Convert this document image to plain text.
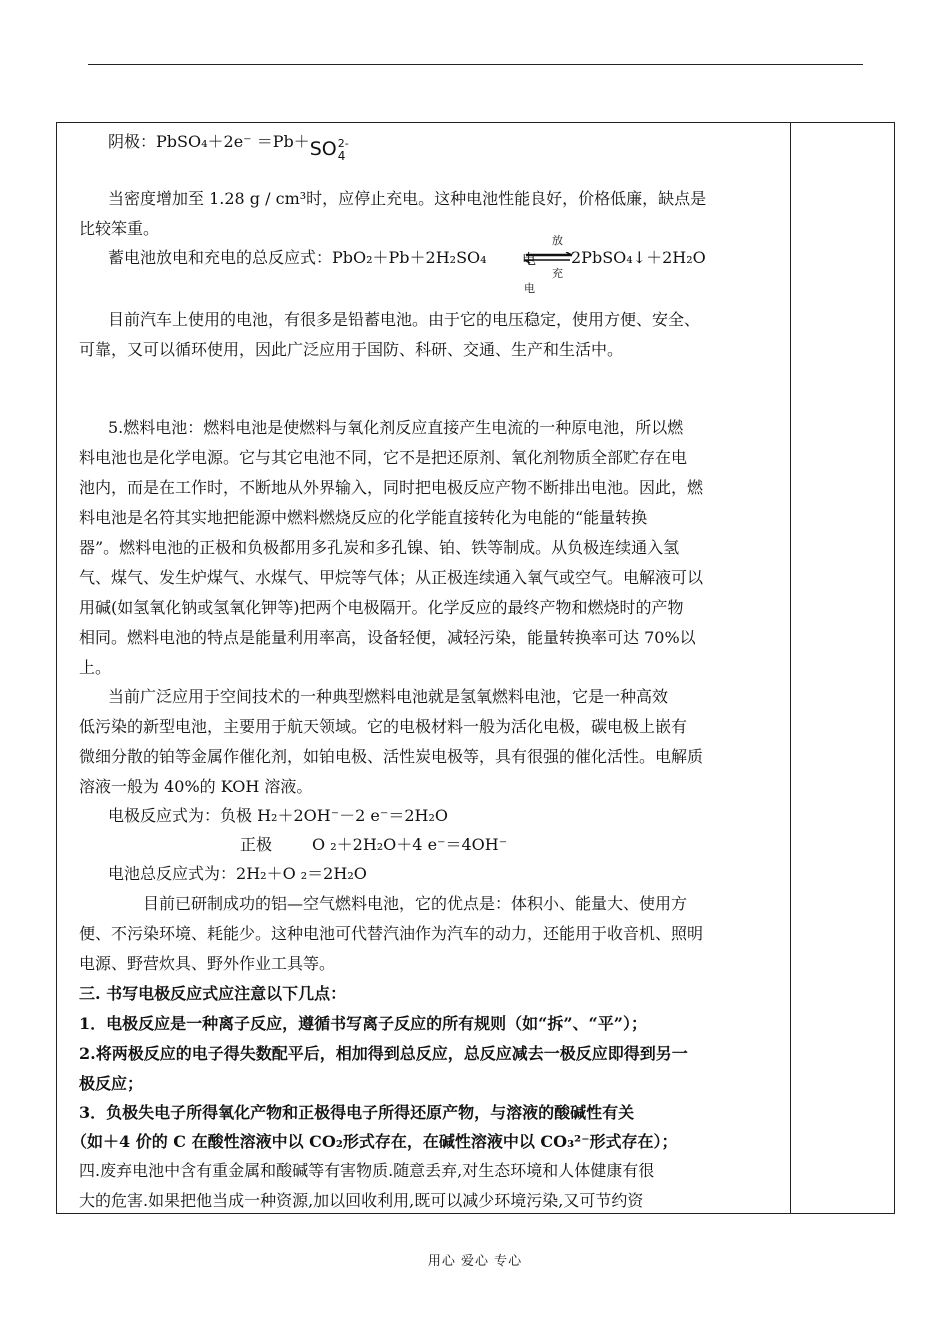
阴极：PbSO₄＋2e⁻ ＝Pb＋SO 2-
4
当密度增加至 1.28 g / cm³时，应停止充电。这种电池性能良好，价格低廉，缺点是
比较笨重。
蓄电池放电和充电的总反应式：PbO₂＋Pb＋2H₂SO₄
放
电
充
电
2PbSO₄↓＋2H₂O
目前汽车上使用的电池，有很多是铅蓄电池。由于它的电压稳定，使用方便、安全、
可靠，又可以循环使用，因此广泛应用于国防、科研、交通、生产和生活中。
5.燃料电池：燃料电池是使燃料与氧化剂反应直接产生电流的一种原电池，所以燃
料电池也是化学电源。它与其它电池不同，它不是把还原剂、氧化剂物质全部贮存在电
池内，而是在工作时，不断地从外界输入，同时把电极反应产物不断排出电池。因此，燃
料电池是名符其实地把能源中燃料燃烧反应的化学能直接转化为电能的“能量转换
器”。燃料电池的正极和负极都用多孔炭和多孔镍、铂、铁等制成。从负极连续通入氢
气、煤气、发生炉煤气、水煤气、甲烷等气体；从正极连续通入氧气或空气。电解液可以
用碱(如氢氧化钠或氢氧化钾等)把两个电极隔开。化学反应的最终产物和燃烧时的产物
相同。燃料电池的特点是能量利用率高，设备轻便，减轻污染，能量转换率可达 70%以
上。
当前广泛应用于空间技术的一种典型燃料电池就是氢氧燃料电池，它是一种高效
低污染的新型电池，主要用于航天领域。它的电极材料一般为活化电极，碳电极上嵌有
微细分散的铂等金属作催化剂，如铂电极、活性炭电极等，具有很强的催化活性。电解质
溶液一般为 40%的 KOH 溶液。
电极反应式为：负极 H₂＋2OH⁻－2 e⁻＝2H₂O
正极	O ₂＋2H₂O＋4 e⁻＝4OH⁻
电池总反应式为：2H₂＋O ₂＝2H₂O
目前已研制成功的铝—空气燃料电池，它的优点是：体积小、能量大、使用方
便、不污染环境、耗能少。这种电池可代替汽油作为汽车的动力，还能用于收音机、照明
电源、野营炊具、野外作业工具等。
三. 书写电极反应式应注意以下几点：
1．电极反应是一种离子反应，遵循书写离子反应的所有规则（如“拆”、“平”）；
2.将两极反应的电子得失数配平后，相加得到总反应，总反应减去一极反应即得到另一
极反应；
3．负极失电子所得氧化产物和正极得电子所得还原产物，与溶液的酸碱性有关
（如＋4 价的 C 在酸性溶液中以 CO₂形式存在，在碱性溶液中以 CO₃²⁻形式存在）；
四.废弃电池中含有重金属和酸碱等有害物质.随意丢弃,对生态环境和人体健康有很
大的危害.如果把他当成一种资源,加以回收利用,既可以减少环境污染,又可节约资
用心 爱心 专心
